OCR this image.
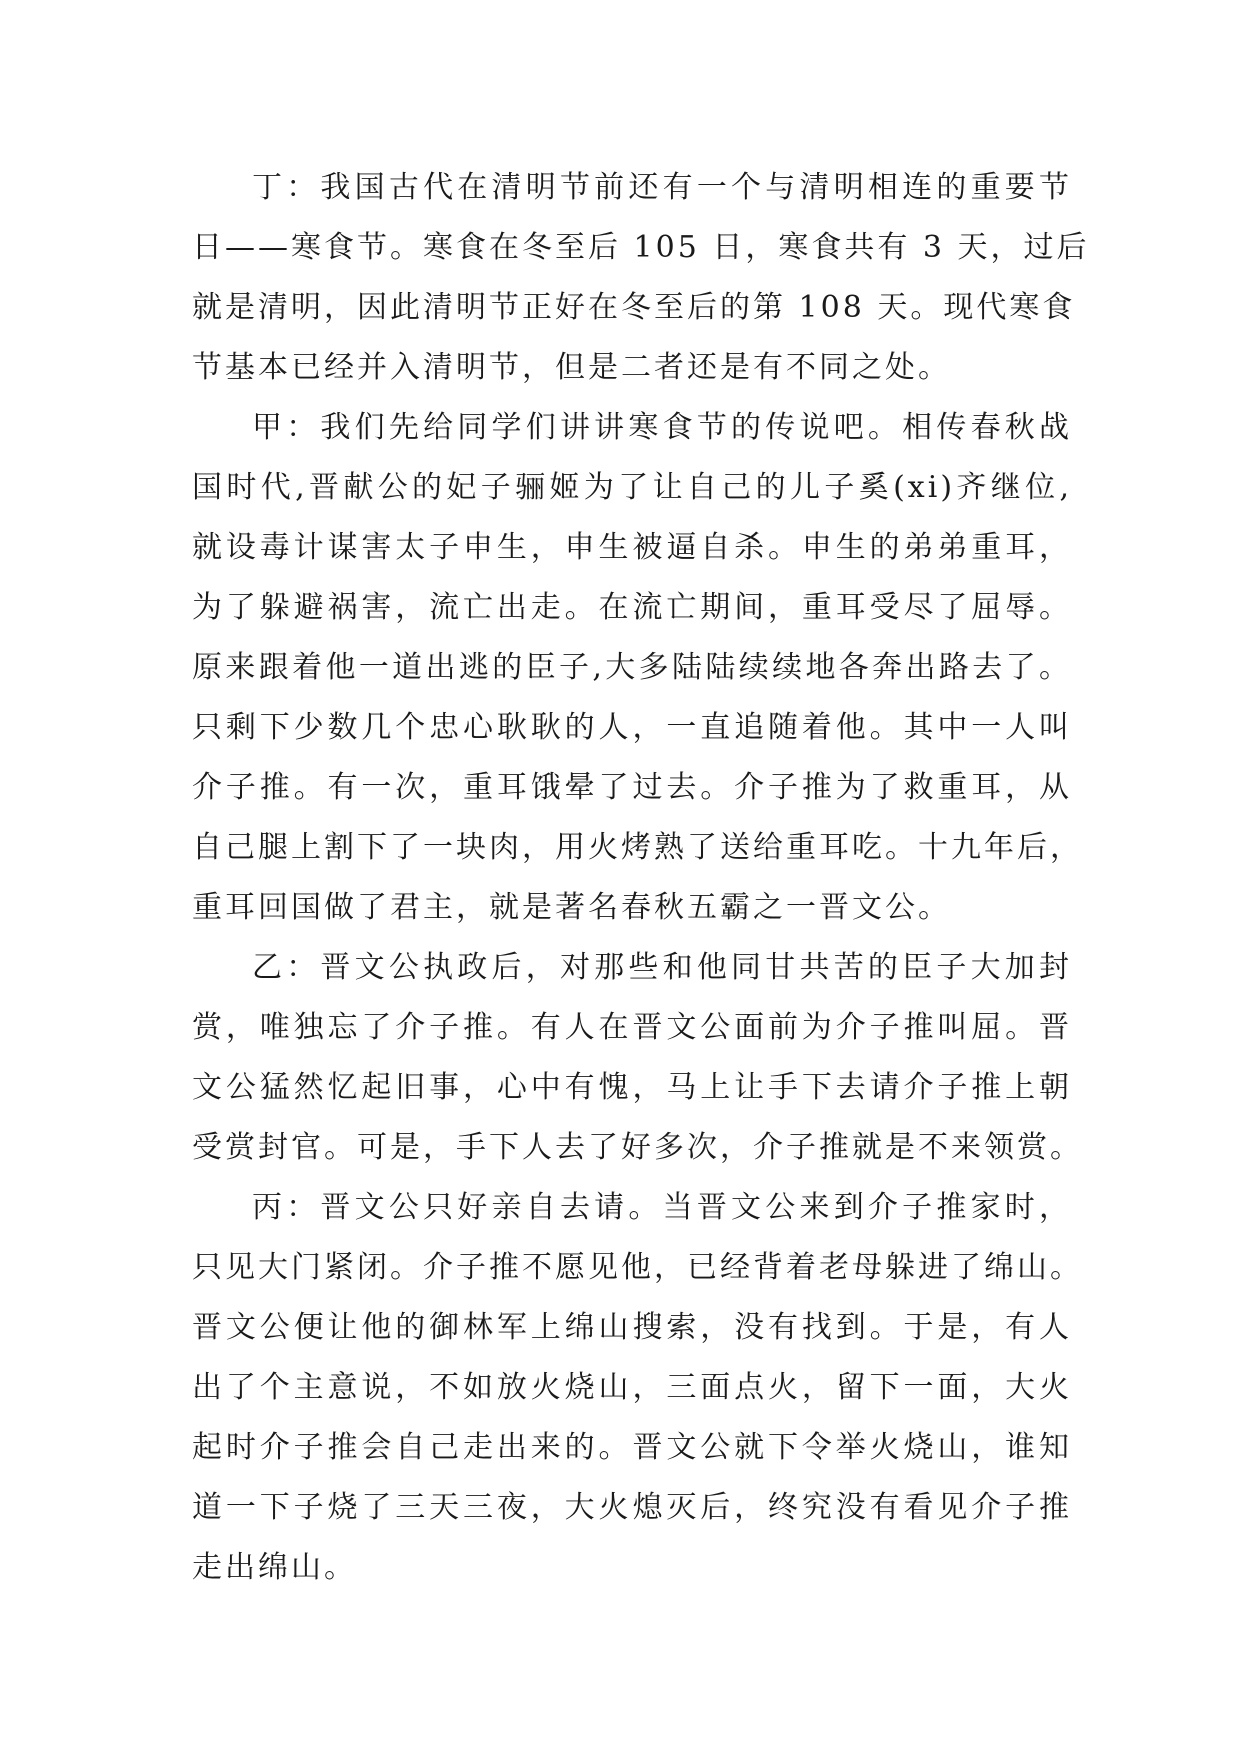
丁：我国古代在清明节前还有一个与清明相连的重要节
日——寒食节。寒食在冬至后 105 日，寒食共有 3 天，过后
就是清明，因此清明节正好在冬至后的第 108 天。现代寒食
节基本已经并入清明节，但是二者还是有不同之处。
甲：我们先给同学们讲讲寒食节的传说吧。相传春秋战
国时代,晋献公的妃子骊姬为了让自己的儿子奚(xi)齐继位,
就设毒计谋害太子申生，申生被逼自杀。申生的弟弟重耳，
为了躲避祸害，流亡出走。在流亡期间，重耳受尽了屈辱。
原来跟着他一道出逃的臣子,大多陆陆续续地各奔出路去了。
只剩下少数几个忠心耿耿的人，一直追随着他。其中一人叫
介子推。有一次，重耳饿晕了过去。介子推为了救重耳，从
自己腿上割下了一块肉，用火烤熟了送给重耳吃。十九年后，
重耳回国做了君主，就是著名春秋五霸之一晋文公。
乙：晋文公执政后，对那些和他同甘共苦的臣子大加封
赏，唯独忘了介子推。有人在晋文公面前为介子推叫屈。晋
文公猛然忆起旧事，心中有愧，马上让手下去请介子推上朝
受赏封官。可是，手下人去了好多次，介子推就是不来领赏。
丙：晋文公只好亲自去请。当晋文公来到介子推家时，
只见大门紧闭。介子推不愿见他，已经背着老母躲进了绵山。
晋文公便让他的御林军上绵山搜索，没有找到。于是，有人
出了个主意说，不如放火烧山，三面点火，留下一面，大火
起时介子推会自己走出来的。晋文公就下令举火烧山，谁知
道一下子烧了三天三夜，大火熄灭后，终究没有看见介子推
走出绵山。
